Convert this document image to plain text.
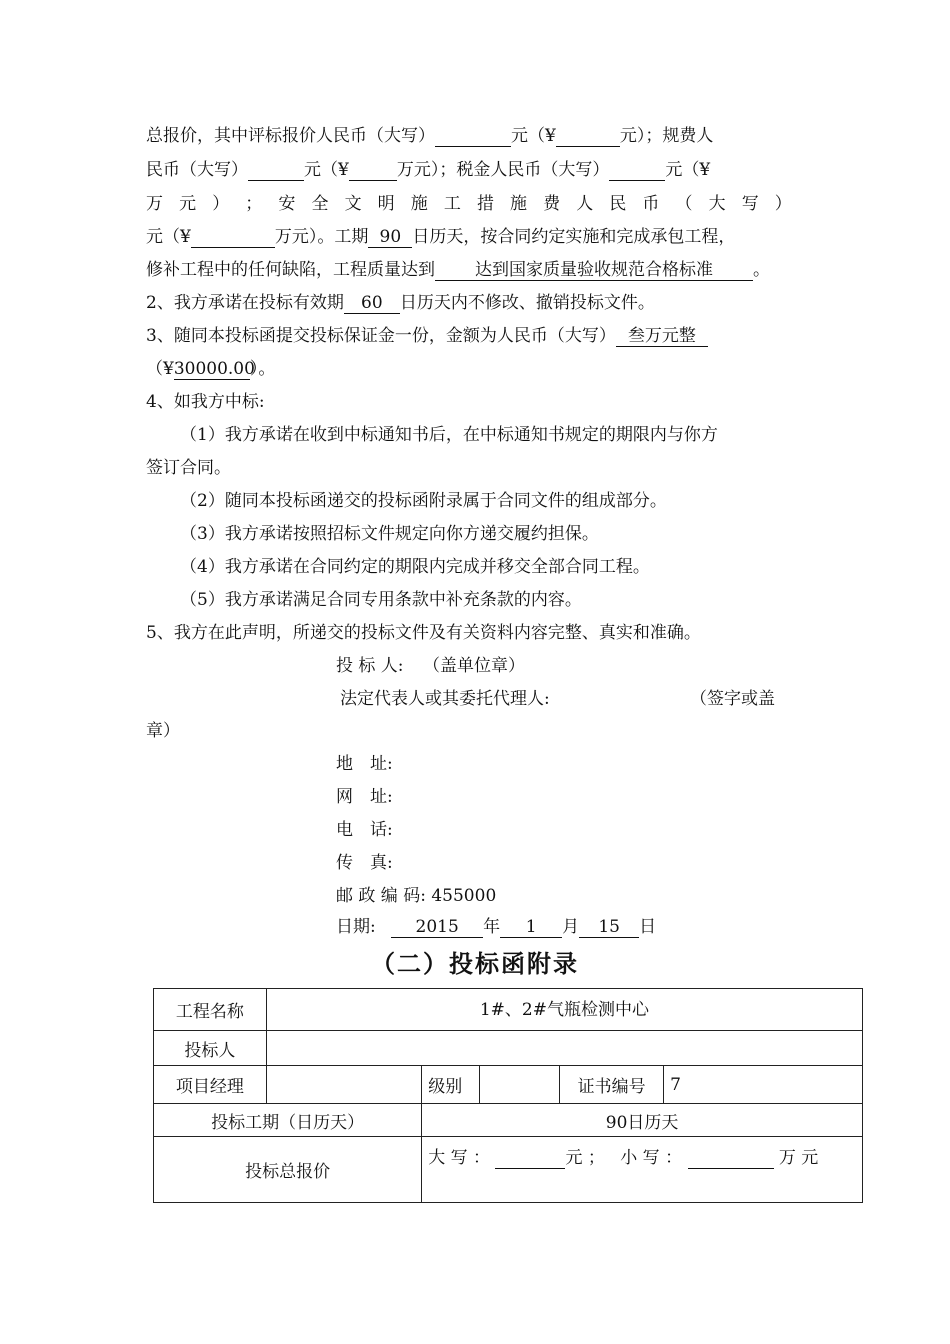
总报价，其中评标报价人民币（大写）	元（¥	元）；规费人
民币（大写）	元（¥	万元）；税金人民币（大写）	元（¥
万 元 ） ； 安 全 文 明 施 工 措 施 费 人 民 币 （ 大 写 ）
元（¥	万元）。工期 90 日历天，按合同约定实施和完成承包工程，
修补工程中的任何缺陷，工程质量达到 达到国家质量验收规范合格标准 。
2、我方承诺在投标有效期 60 日历天内不修改、撤销投标文件。
3、随同本投标函提交投标保证金一份，金额为人民币（大写） 叁万元整
（¥30000.00）。
4、如我方中标:
（1）我方承诺在收到中标通知书后，在中标通知书规定的期限内与你方
签订合同。
（2）随同本投标函递交的投标函附录属于合同文件的组成部分。
（3）我方承诺按照招标文件规定向你方递交履约担保。
（4）我方承诺在合同约定的期限内完成并移交全部合同工程。
（5）我方承诺满足合同专用条款中补充条款的内容。
5、我方在此声明，所递交的投标文件及有关资料内容完整、真实和准确。
投 标 人: （盖单位章）
法定代表人或其委托代理人:	（签字或盖
章）
地　址:
网　址:
电　话:
传　真:
邮 政 编 码: 455000
日期: 2015 年 1 月 15 日
（二）投标函附录
工程名称	1#、2#气瓶检测中心				
投标人					
项目经理		级别		证书编号	7
投标工期（日历天）		90日历天			
投标总报价		大 写 ： 元 ； 小 写 ： 万 元			
